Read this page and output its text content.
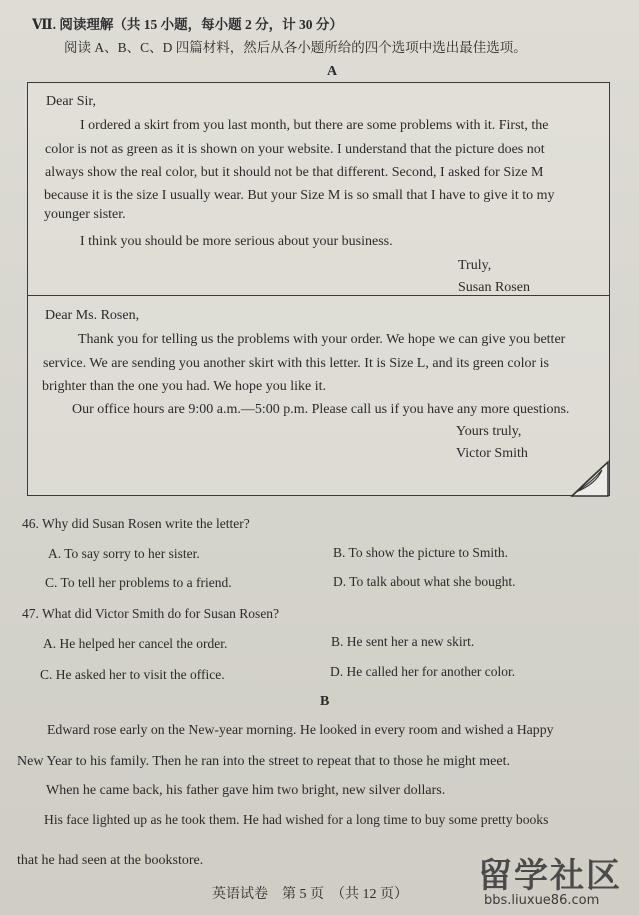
Ⅶ. 阅读理解（共 15 小题，每小题 2 分，计 30 分）
阅读 A、B、C、D 四篇材料，然后从各小题所给的四个选项中选出最佳选项。
A
Dear Sir,
I ordered a skirt from you last month, but there are some problems with it. First, the
color is not as green as it is shown on your website. I understand that the picture does not
always show the real color, but it should not be that different. Second, I asked for Size M
because it is the size I usually wear. But your Size M is so small that I have to give it to my
younger sister.
I think you should be more serious about your business.
Truly,
Susan Rosen
Dear Ms. Rosen,
Thank you for telling us the problems with your order. We hope we can give you better
service. We are sending you another skirt with this letter. It is Size L, and its green color is
brighter than the one you had. We hope you like it.
Our office hours are 9:00 a.m.—5:00 p.m. Please call us if you have any more questions.
Yours truly,
Victor Smith
46. Why did Susan Rosen write the letter?
A. To say sorry to her sister.	B. To show the picture to Smith.
C. To tell her problems to a friend.	D. To talk about what she bought.
47. What did Victor Smith do for Susan Rosen?
A. He helped her cancel the order.	B. He sent her a new skirt.
C. He asked her to visit the office.	D. He called her for another color.
B
Edward rose early on the New-year morning. He looked in every room and wished a Happy
New Year to his family. Then he ran into the street to repeat that to those he might meet.
When he came back, his father gave him two bright, new silver dollars.
His face lighted up as he took them. He had wished for a long time to buy some pretty books
that he had seen at the bookstore.
英语试卷　第 5 页　（共 12 页） 留学社区
bbs.liuxue86.com
